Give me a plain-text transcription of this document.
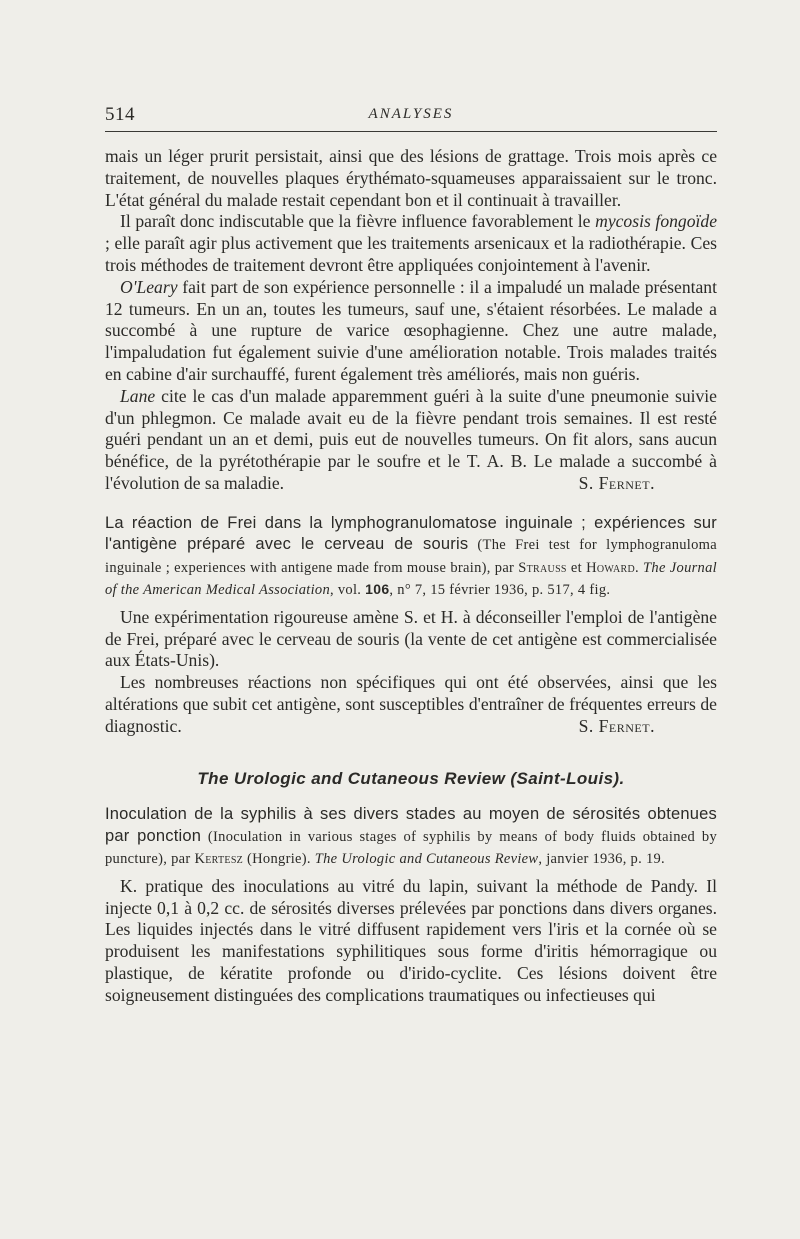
514	ANALYSES

mais un léger prurit persistait, ainsi que des lésions de grattage. Trois mois après ce traitement, de nouvelles plaques érythémato-squameuses apparaissaient sur le tronc. L'état général du malade restait cependant bon et il continuait à travailler.

Il paraît donc indiscutable que la fièvre influence favorablement le mycosis fongoïde ; elle paraît agir plus activement que les traitements arsenicaux et la radiothérapie. Ces trois méthodes de traitement devront être appliquées conjointement à l'avenir.

O'Leary fait part de son expérience personnelle : il a impaludé un malade présentant 12 tumeurs. En un an, toutes les tumeurs, sauf une, s'étaient résorbées. Le malade a succombé à une rupture de varice œsophagienne. Chez une autre malade, l'impaludation fut également suivie d'une amélioration notable. Trois malades traités en cabine d'air surchauffé, furent également très améliorés, mais non guéris.

Lane cite le cas d'un malade apparemment guéri à la suite d'une pneumonie suivie d'un phlegmon. Ce malade avait eu de la fièvre pendant trois semaines. Il est resté guéri pendant un an et demi, puis eut de nouvelles tumeurs. On fit alors, sans aucun bénéfice, de la pyrétothérapie par le soufre et le T. A. B. Le malade a succombé à l'évolution de sa maladie.	S. Fernet.

La réaction de Frei dans la lymphogranulomatose inguinale ; expériences sur l'antigène préparé avec le cerveau de souris (The Frei test for lymphogranuloma inguinale ; experiences with antigene made from mouse brain), par Strauss et Howard. The Journal of the American Medical Association, vol. 106, n° 7, 15 février 1936, p. 517, 4 fig.

Une expérimentation rigoureuse amène S. et H. à déconseiller l'emploi de l'antigène de Frei, préparé avec le cerveau de souris (la vente de cet antigène est commercialisée aux États-Unis).

Les nombreuses réactions non spécifiques qui ont été observées, ainsi que les altérations que subit cet antigène, sont susceptibles d'entraîner de fréquentes erreurs de diagnostic.	S. Fernet.

The Urologic and Cutaneous Review (Saint-Louis).

Inoculation de la syphilis à ses divers stades au moyen de sérosités obtenues par ponction (Inoculation in various stages of syphilis by means of body fluids obtained by puncture), par Kertesz (Hongrie). The Urologic and Cutaneous Review, janvier 1936, p. 19.

K. pratique des inoculations au vitré du lapin, suivant la méthode de Pandy. Il injecte 0,1 à 0,2 cc. de sérosités diverses prélevées par ponctions dans divers organes. Les liquides injectés dans le vitré diffusent rapidement vers l'iris et la cornée où se produisent les manifestations syphilitiques sous forme d'iritis hémorragique ou plastique, de kératite profonde ou d'irido-cyclite. Ces lésions doivent être soigneusement distinguées des complications traumatiques ou infectieuses qui
